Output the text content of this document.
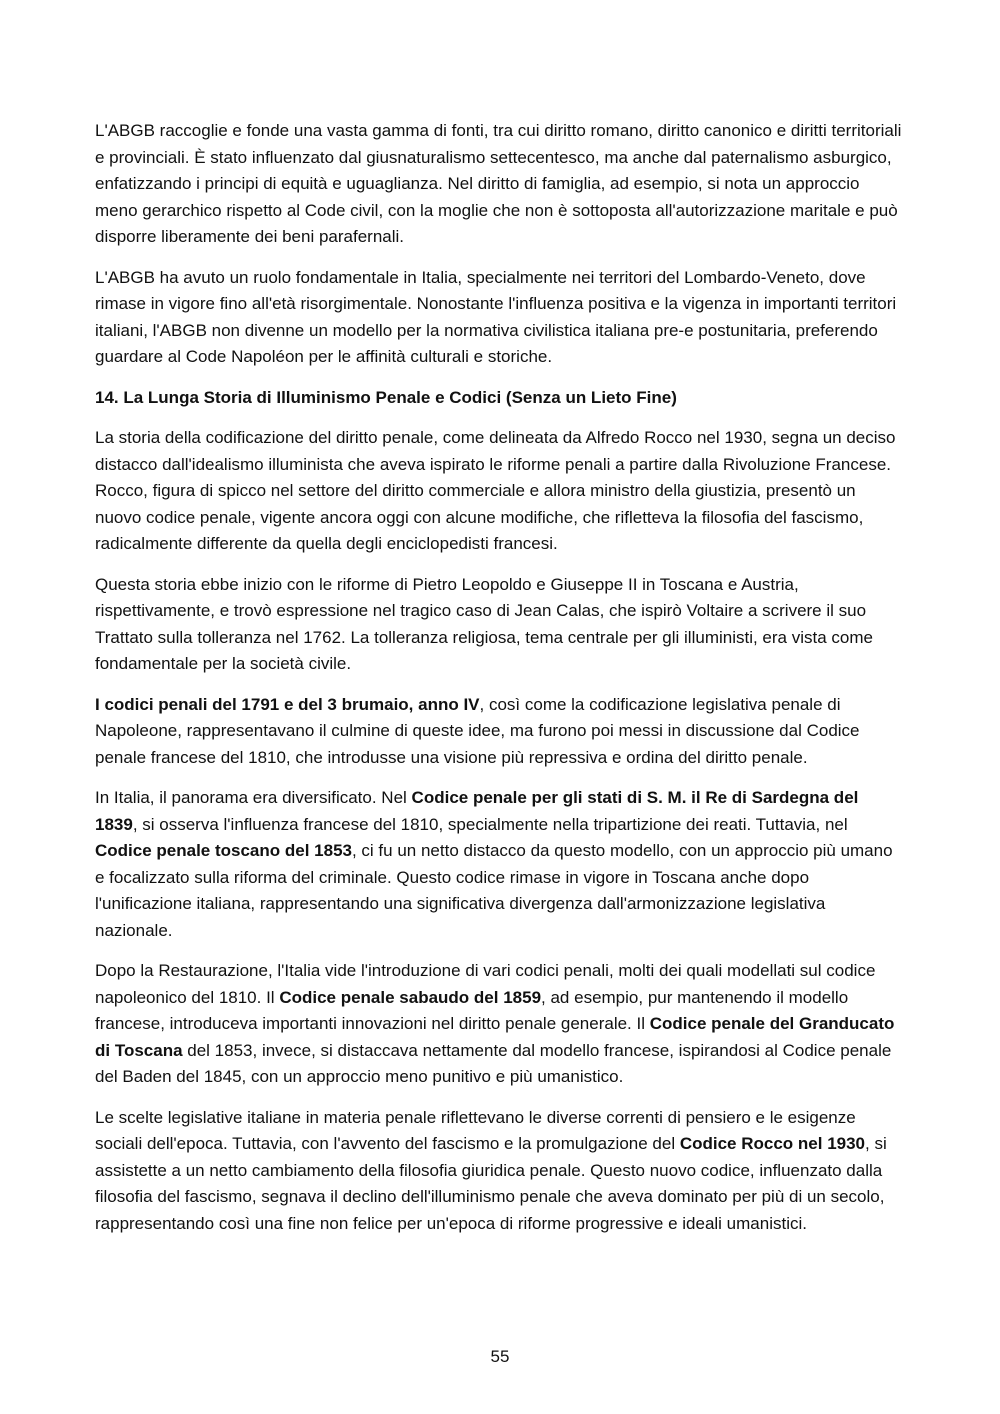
L'ABGB raccoglie e fonde una vasta gamma di fonti, tra cui diritto romano, diritto canonico e diritti territoriali e provinciali. È stato influenzato dal giusnaturalismo settecentesco, ma anche dal paternalismo asburgico, enfatizzando i principi di equità e uguaglianza. Nel diritto di famiglia, ad esempio, si nota un approccio meno gerarchico rispetto al Code civil, con la moglie che non è sottoposta all'autorizzazione maritale e può disporre liberamente dei beni parafernali.

L'ABGB ha avuto un ruolo fondamentale in Italia, specialmente nei territori del Lombardo-Veneto, dove rimase in vigore fino all'età risorgimentale. Nonostante l'influenza positiva e la vigenza in importanti territori italiani, l'ABGB non divenne un modello per la normativa civilistica italiana pre-e postunitaria, preferendo guardare al Code Napoléon per le affinità culturali e storiche.

14. La Lunga Storia di Illuminismo Penale e Codici (Senza un Lieto Fine)

La storia della codificazione del diritto penale, come delineata da Alfredo Rocco nel 1930, segna un deciso distacco dall'idealismo illuminista che aveva ispirato le riforme penali a partire dalla Rivoluzione Francese. Rocco, figura di spicco nel settore del diritto commerciale e allora ministro della giustizia, presentò un nuovo codice penale, vigente ancora oggi con alcune modifiche, che rifletteva la filosofia del fascismo, radicalmente differente da quella degli enciclopedisti francesi.

Questa storia ebbe inizio con le riforme di Pietro Leopoldo e Giuseppe II in Toscana e Austria, rispettivamente, e trovò espressione nel tragico caso di Jean Calas, che ispirò Voltaire a scrivere il suo Trattato sulla tolleranza nel 1762. La tolleranza religiosa, tema centrale per gli illuministi, era vista come fondamentale per la società civile.

I codici penali del 1791 e del 3 brumaio, anno IV, così come la codificazione legislativa penale di Napoleone, rappresentavano il culmine di queste idee, ma furono poi messi in discussione dal Codice penale francese del 1810, che introdusse una visione più repressiva e ordina del diritto penale.

In Italia, il panorama era diversificato. Nel Codice penale per gli stati di S. M. il Re di Sardegna del 1839, si osserva l'influenza francese del 1810, specialmente nella tripartizione dei reati. Tuttavia, nel Codice penale toscano del 1853, ci fu un netto distacco da questo modello, con un approccio più umano e focalizzato sulla riforma del criminale. Questo codice rimase in vigore in Toscana anche dopo l'unificazione italiana, rappresentando una significativa divergenza dall'armonizzazione legislativa nazionale.

Dopo la Restaurazione, l'Italia vide l'introduzione di vari codici penali, molti dei quali modellati sul codice napoleonico del 1810. Il Codice penale sabaudo del 1859, ad esempio, pur mantenendo il modello francese, introduceva importanti innovazioni nel diritto penale generale. Il Codice penale del Granducato di Toscana del 1853, invece, si distaccava nettamente dal modello francese, ispirandosi al Codice penale del Baden del 1845, con un approccio meno punitivo e più umanistico.

Le scelte legislative italiane in materia penale riflettevano le diverse correnti di pensiero e le esigenze sociali dell'epoca. Tuttavia, con l'avvento del fascismo e la promulgazione del Codice Rocco nel 1930, si assistette a un netto cambiamento della filosofia giuridica penale. Questo nuovo codice, influenzato dalla filosofia del fascismo, segnava il declino dell'illuminismo penale che aveva dominato per più di un secolo, rappresentando così una fine non felice per un'epoca di riforme progressive e ideali umanistici.

55
